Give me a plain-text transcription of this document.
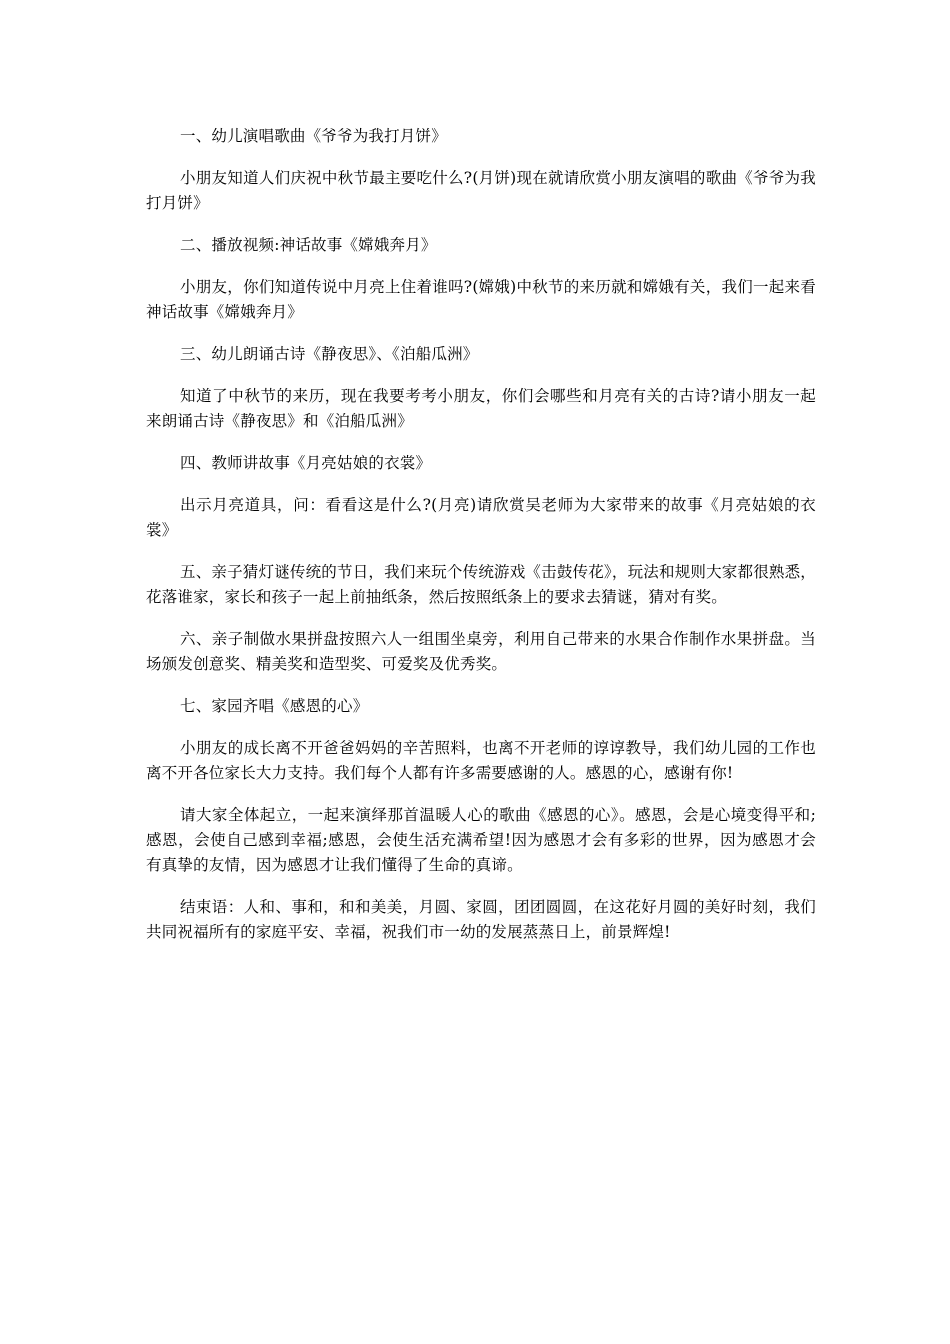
一、幼儿演唱歌曲《爷爷为我打月饼》

小朋友知道人们庆祝中秋节最主要吃什么?(月饼)现在就请欣赏小朋友演唱的歌曲《爷爷为我打月饼》

二、播放视频:神话故事《嫦娥奔月》

小朋友，你们知道传说中月亮上住着谁吗?(嫦娥)中秋节的来历就和嫦娥有关，我们一起来看神话故事《嫦娥奔月》

三、幼儿朗诵古诗《静夜思》、《泊船瓜洲》

知道了中秋节的来历，现在我要考考小朋友，你们会哪些和月亮有关的古诗?请小朋友一起来朗诵古诗《静夜思》和《泊船瓜洲》

四、教师讲故事《月亮姑娘的衣裳》

出示月亮道具，问：看看这是什么?(月亮)请欣赏吴老师为大家带来的故事《月亮姑娘的衣裳》

五、亲子猜灯谜传统的节日，我们来玩个传统游戏《击鼓传花》，玩法和规则大家都很熟悉，花落谁家，家长和孩子一起上前抽纸条，然后按照纸条上的要求去猜谜，猜对有奖。

六、亲子制做水果拼盘按照六人一组围坐桌旁，利用自己带来的水果合作制作水果拼盘。当场颁发创意奖、精美奖和造型奖、可爱奖及优秀奖。

七、家园齐唱《感恩的心》

小朋友的成长离不开爸爸妈妈的辛苦照料，也离不开老师的谆谆教导，我们幼儿园的工作也离不开各位家长大力支持。我们每个人都有许多需要感谢的人。感恩的心，感谢有你!

请大家全体起立，一起来演绎那首温暖人心的歌曲《感恩的心》。感恩，会是心境变得平和;感恩，会使自己感到幸福;感恩，会使生活充满希望!因为感恩才会有多彩的世界，因为感恩才会有真挚的友情，因为感恩才让我们懂得了生命的真谛。

结束语：人和、事和，和和美美，月圆、家圆，团团圆圆，在这花好月圆的美好时刻，我们共同祝福所有的家庭平安、幸福，祝我们市一幼的发展蒸蒸日上，前景辉煌!
